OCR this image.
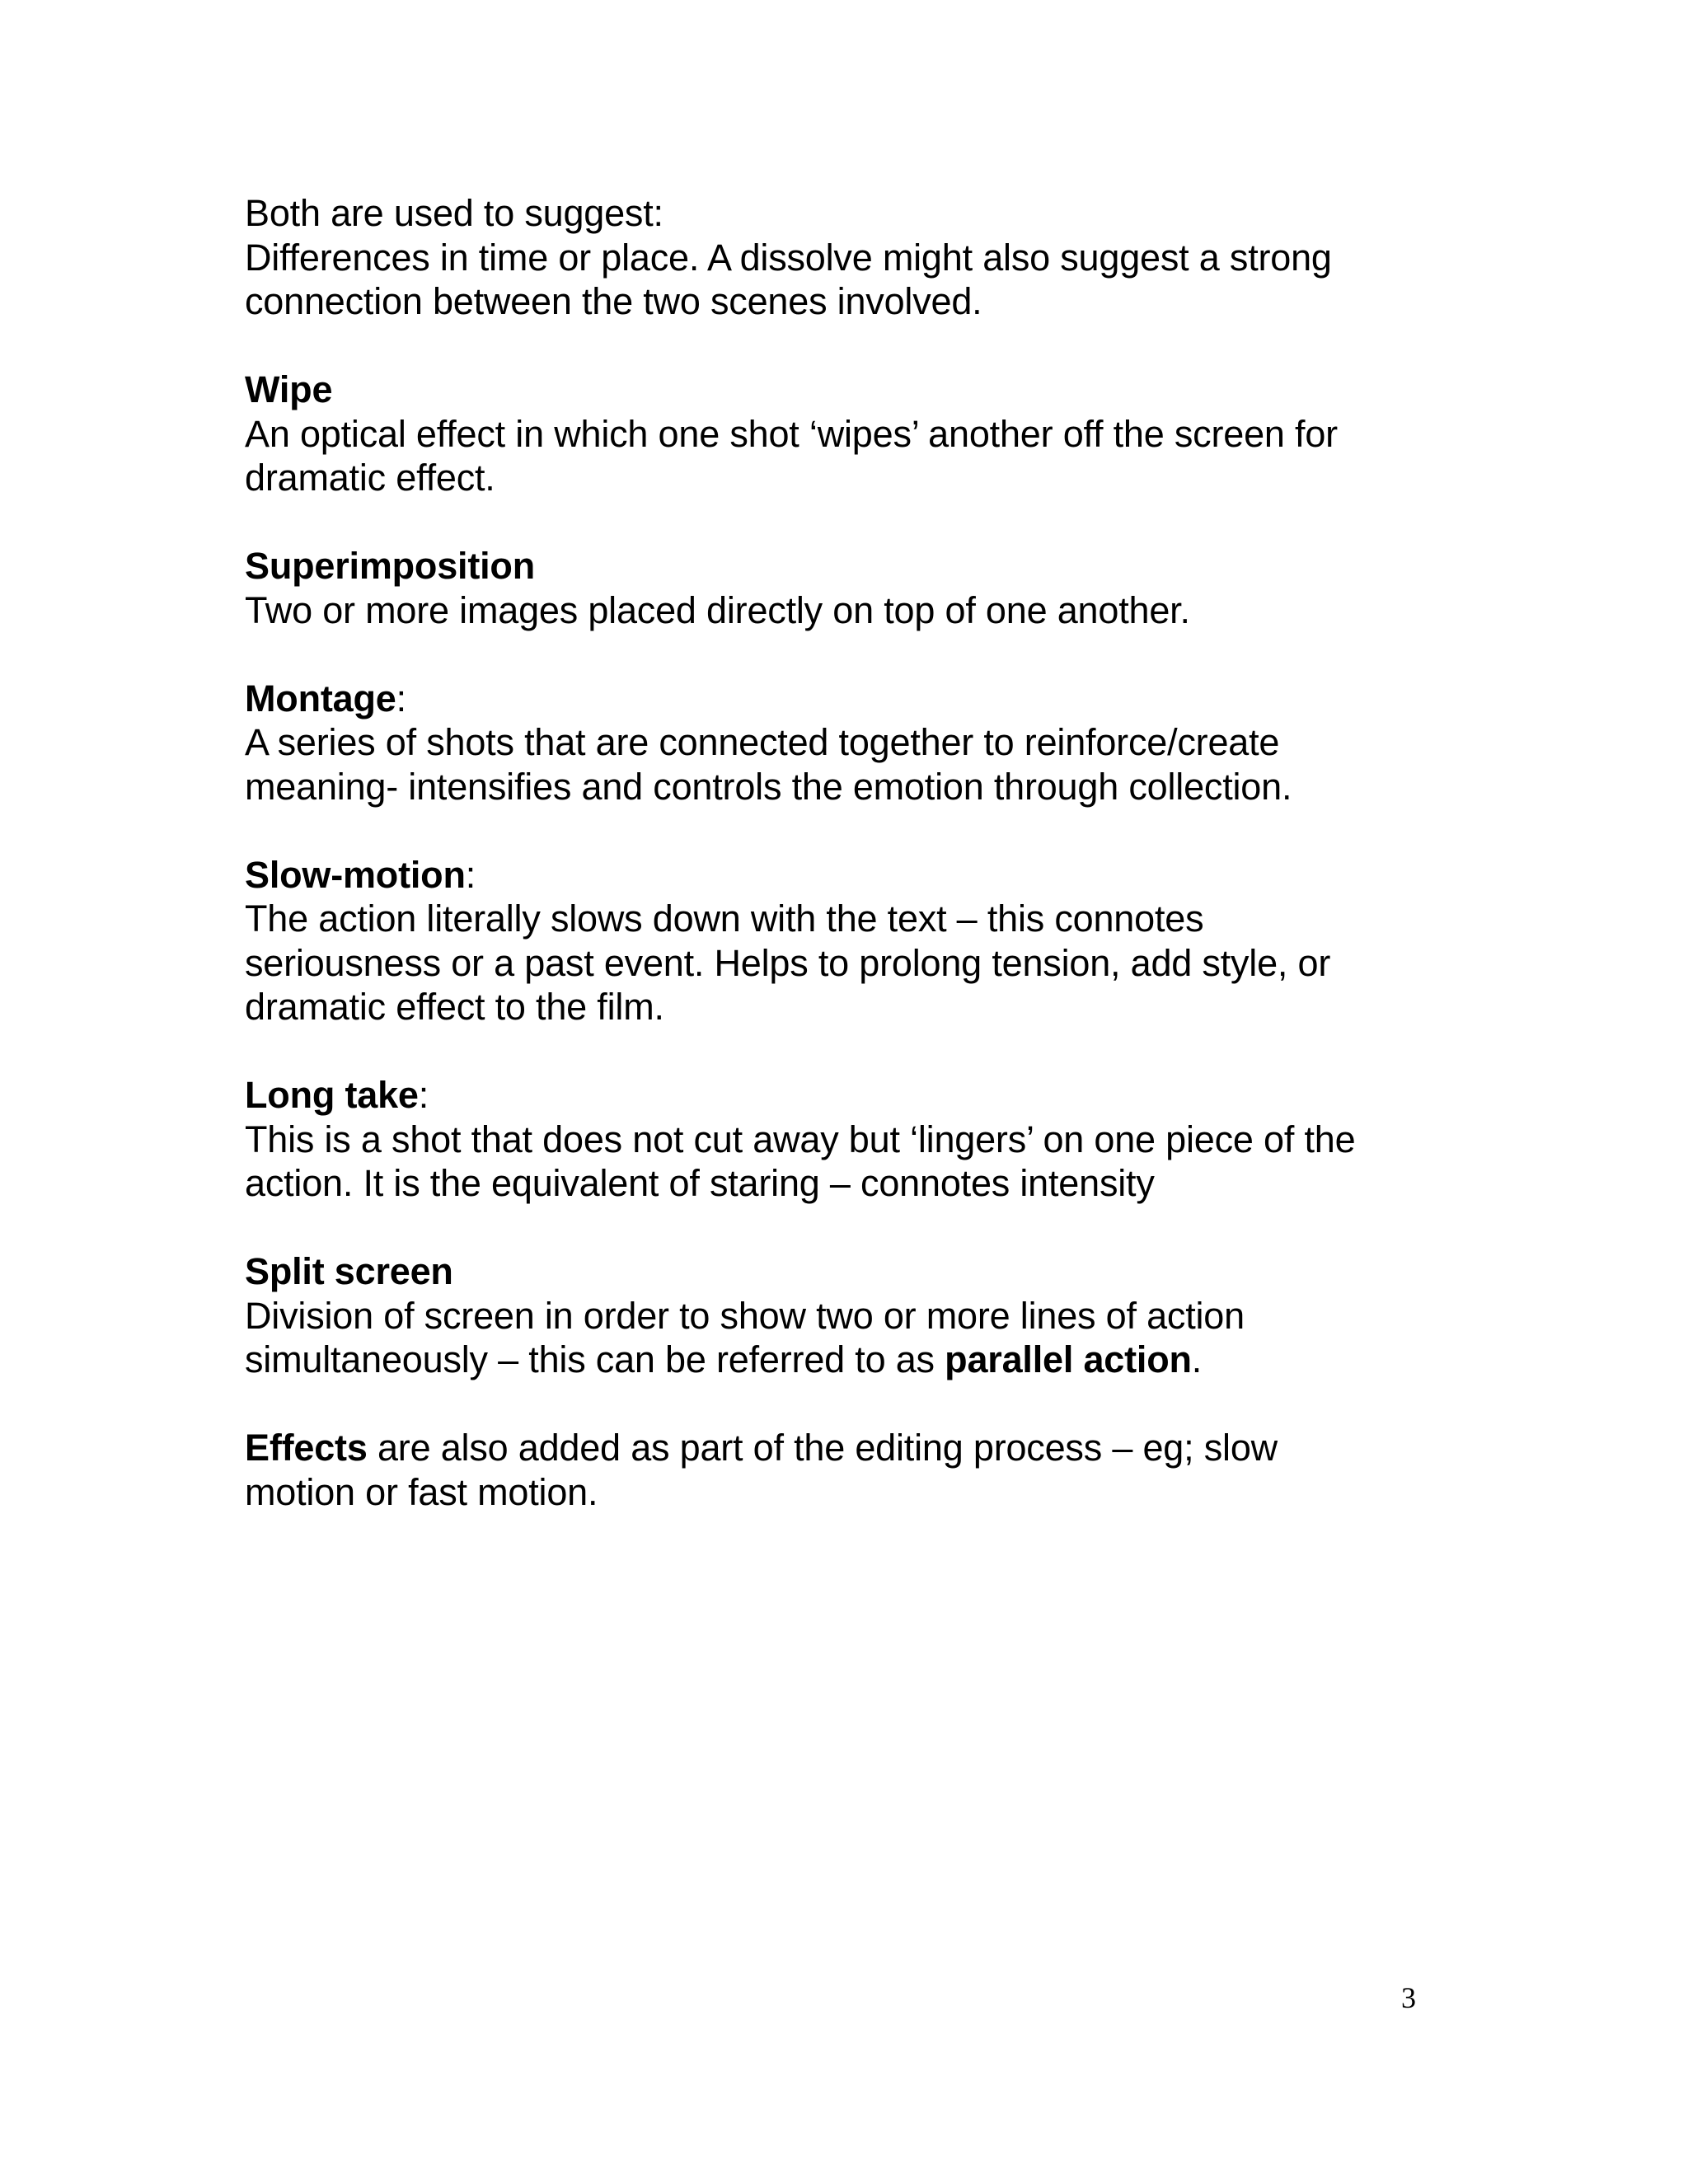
Both are used to suggest:
Differences in time or place. A dissolve might also suggest a strong
connection between the two scenes involved.
Wipe
An optical effect in which one shot ‘wipes’ another off the screen for
dramatic effect.
Superimposition
Two or more images placed directly on top of one another.
Montage:
A series of shots that are connected together to reinforce/create
meaning- intensifies and controls the emotion through collection.
Slow-motion:
The action literally slows down with the text – this connotes
seriousness or a past event. Helps to prolong tension, add style, or
dramatic effect to the film.
Long take:
This is a shot that does not cut away but ‘lingers’ on one piece of the
action. It is the equivalent of staring – connotes intensity
Split screen
Division of screen in order to show two or more lines of action
simultaneously – this can be referred to as parallel action.
Effects are also added as part of the editing process – eg; slow
motion or fast motion.
3
